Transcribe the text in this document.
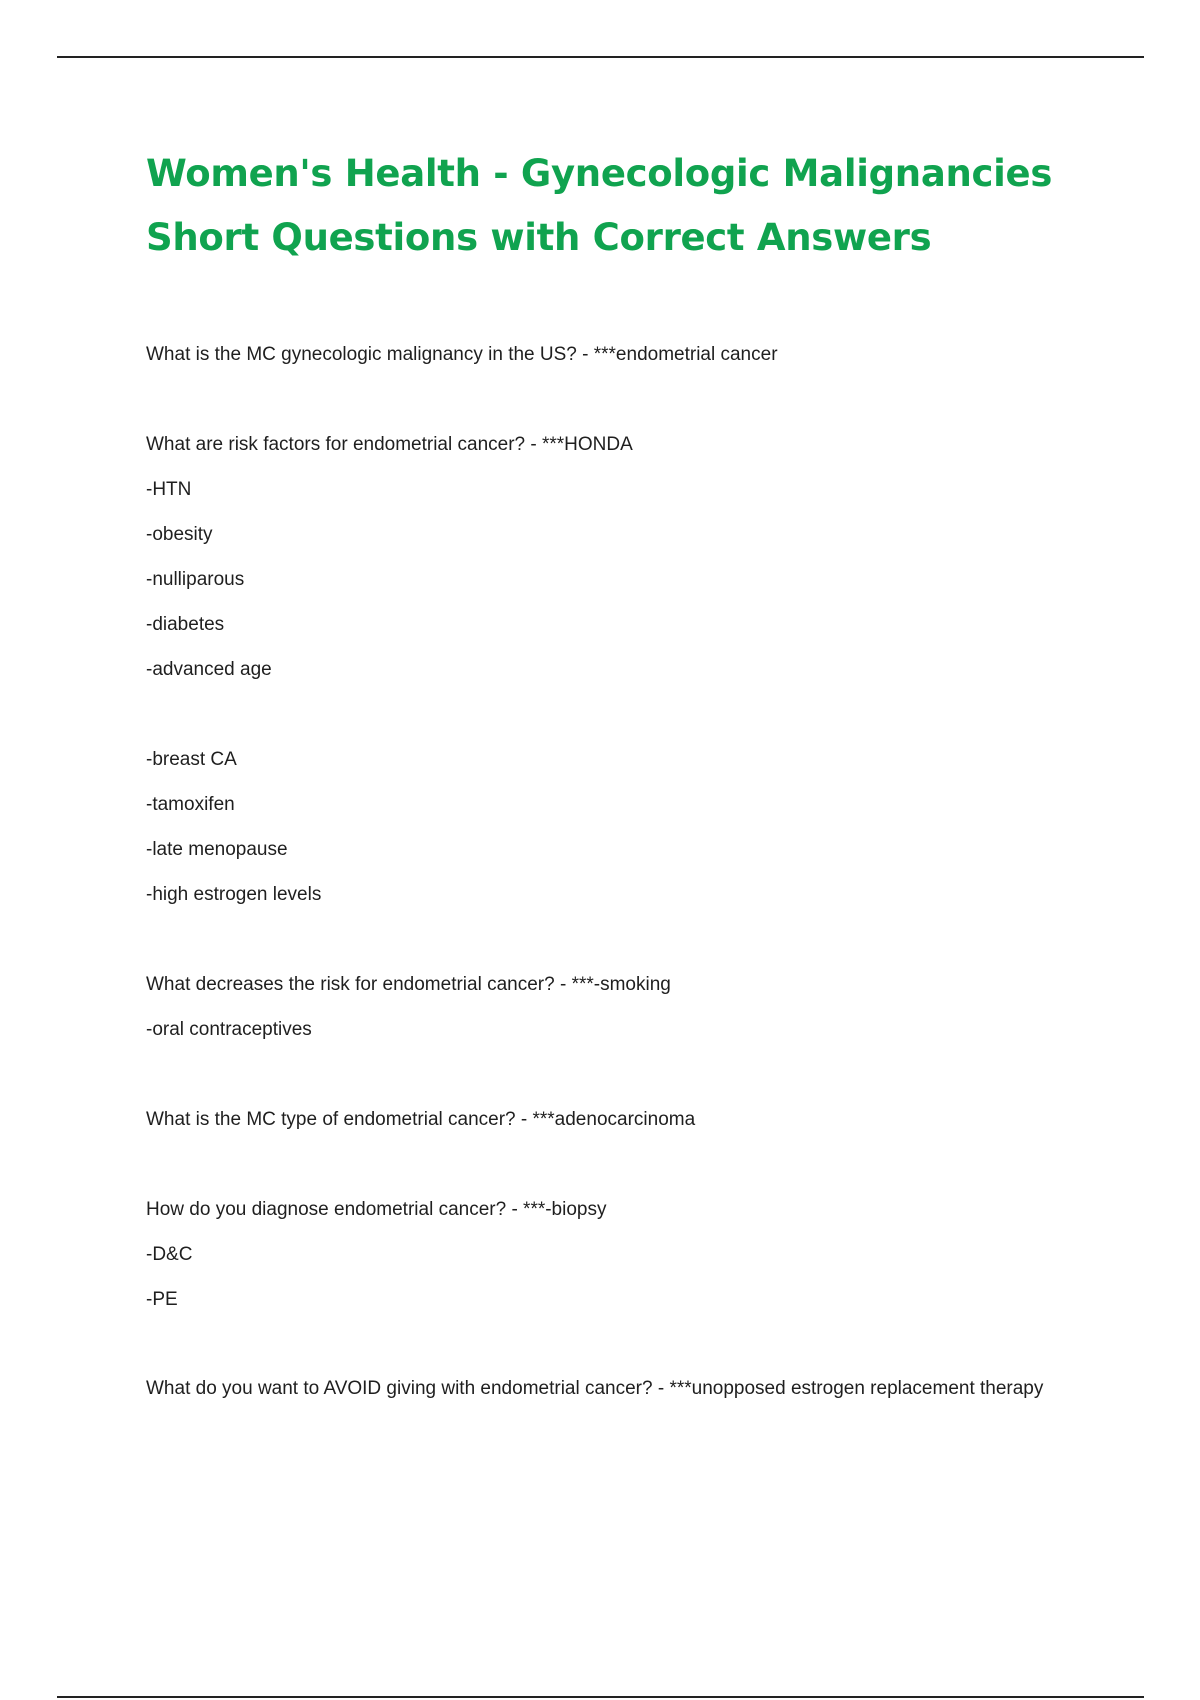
Women's Health - Gynecologic Malignancies
Short Questions with Correct Answers
What is the MC gynecologic malignancy in the US? - ***endometrial cancer
What are risk factors for endometrial cancer? - ***HONDA
-HTN
-obesity
-nulliparous
-diabetes
-advanced age
-breast CA
-tamoxifen
-late menopause
-high estrogen levels
What decreases the risk for endometrial cancer? - ***-smoking
-oral contraceptives
What is the MC type of endometrial cancer? - ***adenocarcinoma
How do you diagnose endometrial cancer? - ***-biopsy
-D&C
-PE
What do you want to AVOID giving with endometrial cancer? - ***unopposed estrogen replacement therapy
